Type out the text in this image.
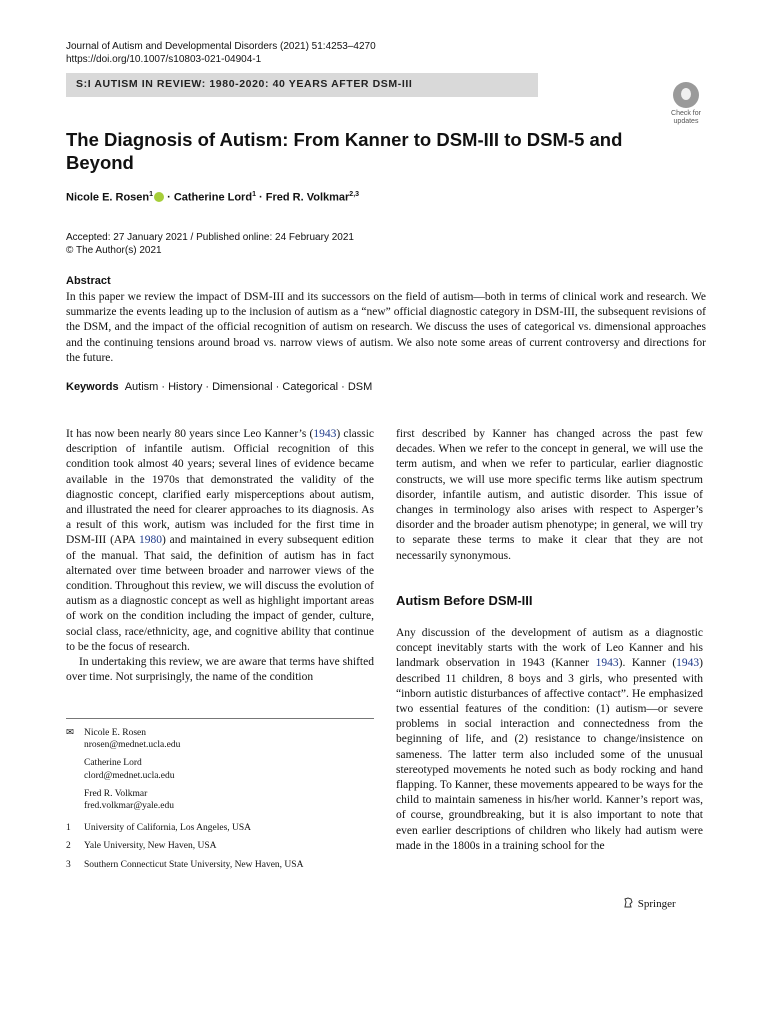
Journal of Autism and Developmental Disorders (2021) 51:4253–4270
https://doi.org/10.1007/s10803-021-04904-1
S:I AUTISM IN REVIEW: 1980-2020: 40 YEARS AFTER DSM-III
Check for updates
The Diagnosis of Autism: From Kanner to DSM-III to DSM-5 and Beyond
Nicole E. Rosen$^1$ · Catherine Lord$^1$ · Fred R. Volkmar$^{2,3}$
Accepted: 27 January 2021 / Published online: 24 February 2021
© The Author(s) 2021
Abstract
In this paper we review the impact of DSM-III and its successors on the field of autism—both in terms of clinical work and research. We summarize the events leading up to the inclusion of autism as a “new” official diagnostic category in DSM-III, the subsequent revisions of the DSM, and the impact of the official recognition of autism on research. We discuss the uses of categorical vs. dimensional approaches and the continuing tensions around broad vs. narrow views of autism. We also note some areas of current controversy and directions for the future.
Keywords Autism · History · Dimensional · Categorical · DSM

It has now been nearly 80 years since Leo Kanner’s (1943) classic description of infantile autism. Official recognition of this condition took almost 40 years; several lines of evidence became available in the 1970s that demonstrated the validity of the diagnostic concept, clarified early misperceptions about autism, and illustrated the need for clearer approaches to its diagnosis. As a result of this work, autism was included for the first time in DSM-III (APA 1980) and maintained in every subsequent edition of the manual. That said, the definition of autism has in fact alternated over time between broader and narrower views of the condition. Throughout this review, we will discuss the evolution of autism as a diagnostic concept as well as highlight important areas of work on the condition including the impact of gender, culture, social class, race/ethnicity, age, and cognitive ability that continue to be the focus of research.

In undertaking this review, we are aware that terms have shifted over time. Not surprisingly, the name of the condition

first described by Kanner has changed across the past few decades. When we refer to the concept in general, we will use the term autism, and when we refer to particular, earlier diagnostic constructs, we will use more specific terms like autism spectrum disorder, infantile autism, and autistic disorder. This issue of changes in terminology also arises with respect to Asperger’s disorder and the broader autism phenotype; in general, we will try to separate these terms to make it clear that they are not necessarily synonymous.

Autism Before DSM-III

Any discussion of the development of autism as a diagnostic concept inevitably starts with the work of Leo Kanner and his landmark observation in 1943 (Kanner 1943). Kanner (1943) described 11 children, 8 boys and 3 girls, who presented with “inborn autistic disturbances of affective contact”. He emphasized two essential features of the condition: (1) autism—or severe problems in social interaction and connectedness from the beginning of life, and (2) resistance to change/insistence on sameness. The latter term also included some of the unusual stereotyped movements he noted such as body rocking and hand flapping. To Kanner, these movements appeared to be ways for the child to maintain sameness in his/her world. Kanner’s report was, of course, groundbreaking, but it is also important to note that even earlier descriptions of children who likely had autism were made in the 1800s in a training school for the

✉	Nicole E. Rosen
nrosen@mednet.ucla.edu
Catherine Lord
clord@mednet.ucla.edu
Fred R. Volkmar
fred.volkmar@yale.edu
1	University of California, Los Angeles, USA
2	Yale University, New Haven, USA
3	Southern Connecticut State University, New Haven, USA
Springer
